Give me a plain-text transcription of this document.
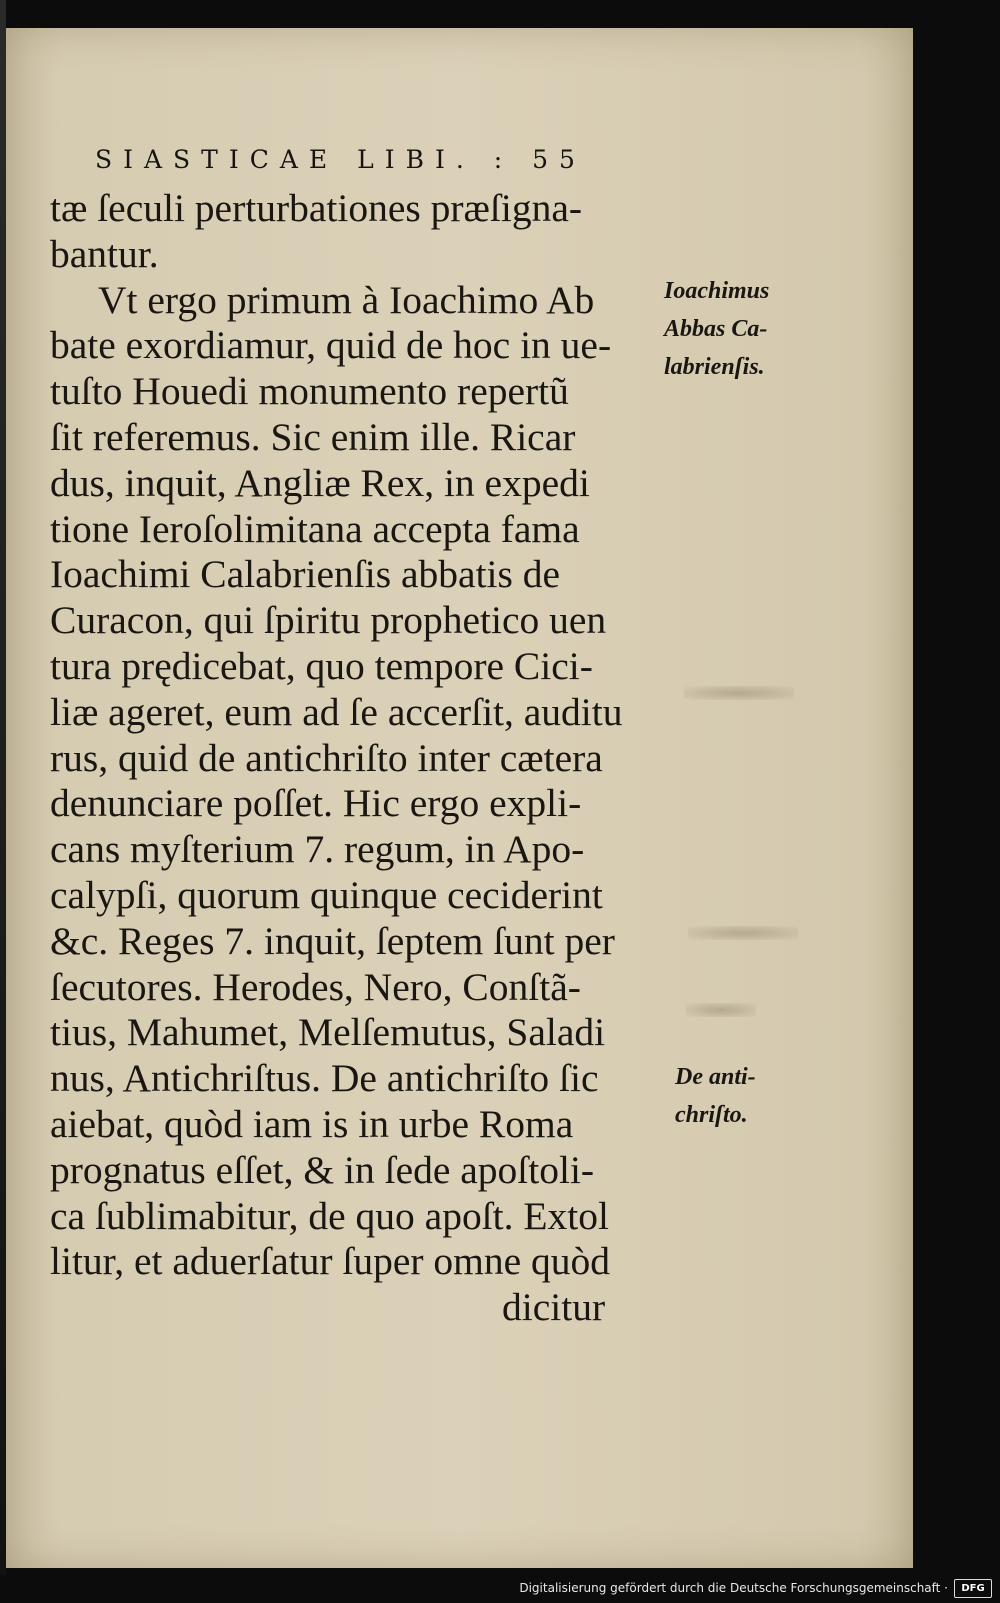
SIASTICAE LIBI. : 55
tæ ſeculi perturbationes præſigna-
bantur.
Vt ergo primum à Ioachimo Ab
bate exordiamur, quid de hoc in ue-
tuſto Houedi monumento repertũ
ſit referemus. Sic enim ille. Ricar
dus, inquit, Angliæ Rex, in expedi
tione Ieroſolimitana accepta fama
Ioachimi Calabrienſis abbatis de
Curacon, qui ſpiritu prophetico uen
tura prędicebat, quo tempore Cici-
liæ ageret, eum ad ſe accerſit, auditu
rus, quid de antichriſto inter cætera
denunciare poſſet. Hic ergo expli-
cans myſterium 7. regum, in Apo-
calypſi, quorum quinque ceciderint
&c. Reges 7. inquit, ſeptem ſunt per
ſecutores. Herodes, Nero, Conſtã-
tius, Mahumet, Melſemutus, Saladi
nus, Antichriſtus. De antichriſto ſic
aiebat, quòd iam is in urbe Roma
prognatus eſſet, & in ſede apoſtoli-
ca ſublimabitur, de quo apoſt. Extol
litur, et aduerſatur ſuper omne quòd
dicitur
Ioachimus
Abbas Ca-
labrienſis.
De anti-
chriſto.
Digitalisierung gefördert durch die Deutsche Forschungsgemeinschaft ·	DFG
